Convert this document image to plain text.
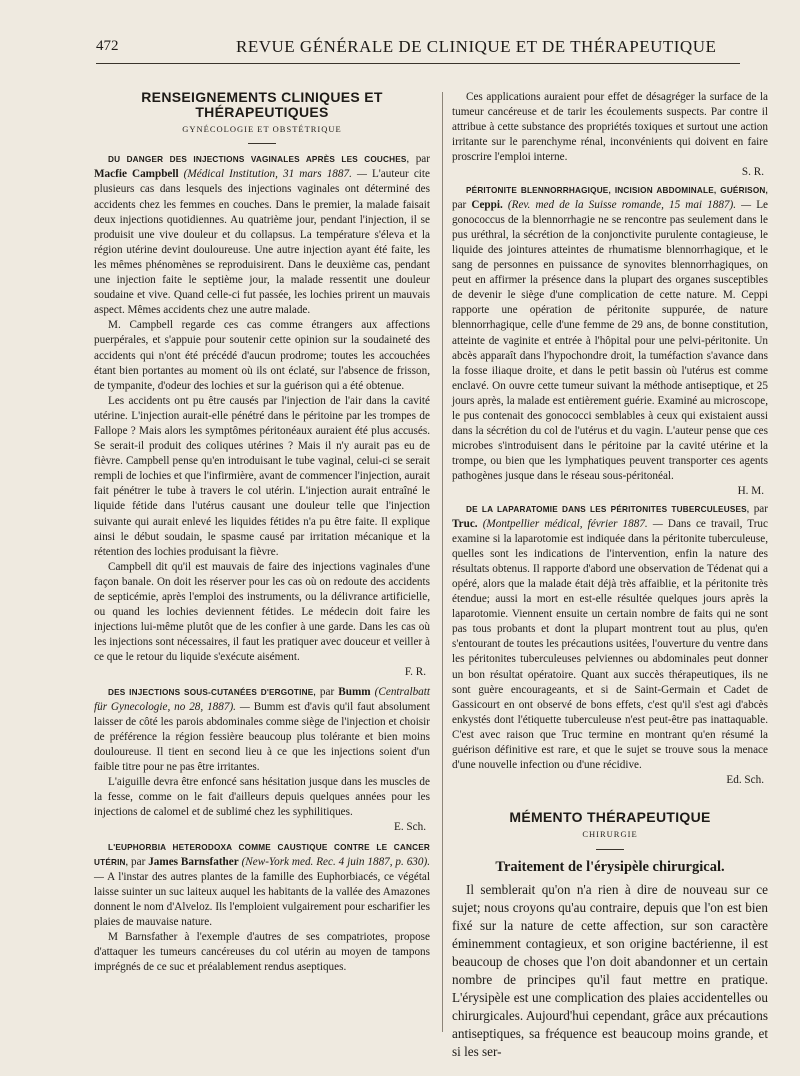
472	REVUE GÉNÉRALE DE CLINIQUE ET DE THÉRAPEUTIQUE

RENSEIGNEMENTS CLINIQUES ET THÉRAPEUTIQUES

GYNÉCOLOGIE ET OBSTÉTRIQUE

DU DANGER DES INJECTIONS VAGINALES APRÈS LES COUCHES, par Macfie Campbell (Médical Institution, 31 mars 1887. — L'auteur cite plusieurs cas dans lesquels des injections vaginales ont déterminé des accidents chez les femmes en couches. Dans le premier, la malade faisait deux injections quotidiennes. Au quatrième jour, pendant l'injection, il se produisit une vive douleur et du collapsus. La température s'éleva et la région utérine devint douloureuse. Une autre injection ayant été faite, les les mêmes phénomènes se reproduisirent. Dans le deuxième cas, pendant une injection faite le septième jour, la malade ressentit une douleur soudaine et vive. Quand celle-ci fut passée, les lochies prirent un mauvais aspect. Mêmes accidents chez une autre malade.

M. Campbell regarde ces cas comme étrangers aux affections puerpérales, et s'appuie pour soutenir cette opinion sur la soudaineté des accidents qui n'ont été précédé d'aucun prodrome; toutes les accouchées étant bien portantes au moment où ils ont éclaté, sur l'absence de frisson, de tympanite, d'odeur des lochies et sur la guérison qui a été obtenue.

Les accidents ont pu être causés par l'injection de l'air dans la cavité utérine. L'injection aurait-elle pénétré dans le péritoine par les trompes de Fallope ? Mais alors les symptômes péritonéaux auraient été plus accusés. Se serait-il produit des coliques utérines ? Mais il n'y aurait pas eu de fièvre. Campbell pense qu'en introduisant le tube vaginal, celui-ci se serait rempli de lochies et que l'infirmière, avant de commencer l'injection, aurait fait pénétrer le tube à travers le col utérin. L'injection aurait entraîné le liquide fétide dans l'utérus causant une douleur telle que l'injection suivante qui aurait enlevé les liquides fétides n'a pu être faite. Il explique ainsi le début soudain, le spasme causé par irritation mécanique et la rétention des lochies produisant la fièvre.

Campbell dit qu'il est mauvais de faire des injections vaginales d'une façon banale. On doit les réserver pour les cas où on redoute des accidents de septicémie, après l'emploi des instruments, ou la délivrance artificielle, ou quand les lochies deviennent fétides. Le médecin doit faire les injections lui-même plutôt que de les confier à une garde. Dans les cas où les injections sont nécessaires, il faut les pratiquer avec douceur et veiller à ce que le retour du liquide s'exécute aisément.

F. R.

DES INJECTIONS SOUS-CUTANÉES D'ERGOTINE, par Bumm (Centralbatt für Gynecologie, no 28, 1887). — Bumm est d'avis qu'il faut absolument laisser de côté les parois abdominales comme siège de l'injection et choisir de préférence la région fessière beaucoup plus tolérante et bien moins douloureuse. Il tient en second lieu à ce que les injections soient d'un faible titre pour ne pas être irritantes.

L'aiguille devra être enfoncé sans hésitation jusque dans les muscles de la fesse, comme on le fait d'ailleurs depuis quelques années pour les injections de calomel et de sublimé chez les syphilitiques.

E. Sch.

L'EUPHORBIA HETERODOXA COMME CAUSTIQUE CONTRE LE CANCER UTÉRIN, par James Barnsfather (New-York med. Rec. 4 juin 1887, p. 630). — A l'instar des autres plantes de la famille des Euphorbiacés, ce végétal laisse suinter un suc laiteux auquel les habitants de la vallée des Amazones donnent le nom d'Alveloz. Ils l'emploient vulgairement pour escharifier les plaies de mauvaise nature.

M Barnsfather à l'exemple d'autres de ses compatriotes, propose d'attaquer les tumeurs cancéreuses du col utérin au moyen de tampons imprégnés de ce suc et préalablement rendus aseptiques.

Ces applications auraient pour effet de désagréger la surface de la tumeur cancéreuse et de tarir les écoulements suspects. Par contre il attribue à cette substance des propriétés toxiques et surtout une action irritante sur le parenchyme rénal, inconvénients qui doivent en faire proscrire l'emploi interne.

S. R.

PÉRITONITE BLENNORRHAGIQUE, INCISION ABDOMINALE, GUÉRISON, par Ceppi. (Rev. med de la Suisse romande, 15 mai 1887). — Le gonococcus de la blennorrhagie ne se rencontre pas seulement dans le pus uréthral, la sécrétion de la conjonctivite purulente contagieuse, le liquide des jointures atteintes de rhumatisme blennorrhagique, et le sang de personnes en puissance de synovites blennorrhagiques, on peut en affirmer la présence dans la plupart des organes susceptibles de devenir le siège d'une complication de cette nature. M. Ceppi rapporte une opération de péritonite suppurée, de nature blennorrhagique, celle d'une femme de 29 ans, de bonne constitution, atteinte de vaginite et entrée à l'hôpital pour une pelvi-péritonite. Un abcès apparaît dans l'hypochondre droit, la tuméfaction s'avance dans la fosse iliaque droite, et dans le petit bassin où l'utérus est comme enclavé. On ouvre cette tumeur suivant la méthode antiseptique, et 25 jours après, la malade est entièrement guérie. Examiné au microscope, le pus contenait des gonococci semblables à ceux qui existaient aussi dans la sécrétion du col de l'utérus et du vagin. L'auteur pense que ces microbes s'introduisent dans le péritoine par la cavité utérine et la trompe, ou bien que les lymphatiques peuvent transporter ces agents pathogènes jusque dans le réseau sous-péritonéal.

H. M.

DE LA LAPARATOMIE DANS LES PÉRITONITES TUBERCULEUSES, par Truc. (Montpellier médical, février 1887. — Dans ce travail, Truc examine si la laparotomie est indiquée dans la péritonite tuberculeuse, quelles sont les indications de l'intervention, enfin la nature des résultats obtenus. Il rapporte d'abord une observation de Tédenat qui a opéré, alors que la malade était déjà très affaiblie, et la péritonite très étendue; aussi la mort en est-elle résultée quelques jours après la laparotomie. Viennent ensuite un certain nombre de faits qui ne sont pas tous probants et dont la plupart montrent tout au plus, qu'en s'entourant de toutes les précautions usitées, l'ouverture du ventre dans les péritonites tuberculeuses pelviennes ou abdominales peut donner un bon résultat opératoire. Quant aux succès thérapeutiques, ils ne sont guère encourageants, et si de Saint-Germain et Cadet de Gassicourt en ont observé de bons effets, c'est qu'il s'est agi d'abcès enkystés dont l'étiquette tuberculeuse n'est peut-être pas inattaquable. C'est avec raison que Truc termine en montrant qu'en résumé la guérison définitive est rare, et que le sujet se trouve sous la menace d'une nouvelle infection ou d'une récidive.

Ed. Sch.

MÉMENTO THÉRAPEUTIQUE

CHIRURGIE

Traitement de l'érysipèle chirurgical.

Il semblerait qu'on n'a rien à dire de nouveau sur ce sujet; nous croyons qu'au contraire, depuis que l'on est bien fixé sur la nature de cette affection, sur son caractère éminemment contagieux, et son origine bactérienne, il est beaucoup de choses que l'on doit abandonner et un certain nombre de principes qu'il faut mettre en pratique. L'érysipèle est une complication des plaies accidentelles ou chirurgicales. Aujourd'hui cependant, grâce aux précautions antiseptiques, sa fréquence est beaucoup moins grande, et si les ser-
